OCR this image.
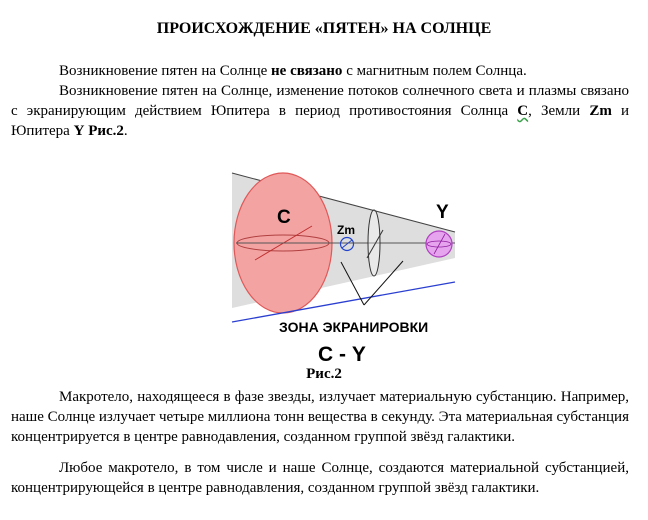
ПРОИСХОЖДЕНИЕ «ПЯТЕН» НА СОЛНЦЕ
Возникновение пятен на Солнце не связано с магнитным полем Солнца.
Возникновение пятен на Солнце, изменение потоков солнечного света и плазмы связано с экранирующим действием Юпитера в период противостояния Солнца С, Земли Zm и Юпитера Y Рис.2.
С
Zm
Y
ЗОНА ЭКРАНИРОВКИ
С - Y
Рис.2
Макротело, находящееся в фазе звезды, излучает материальную субстанцию. Например, наше Солнце излучает четыре миллиона тонн вещества в секунду. Эта материальная субстанция концентрируется в центре равнодавления, созданном группой звёзд галактики.
Любое макротело, в том числе и наше Солнце, создаются материальной субстанцией, концентрирующейся в центре равнодавления, созданном группой звёзд галактики.
